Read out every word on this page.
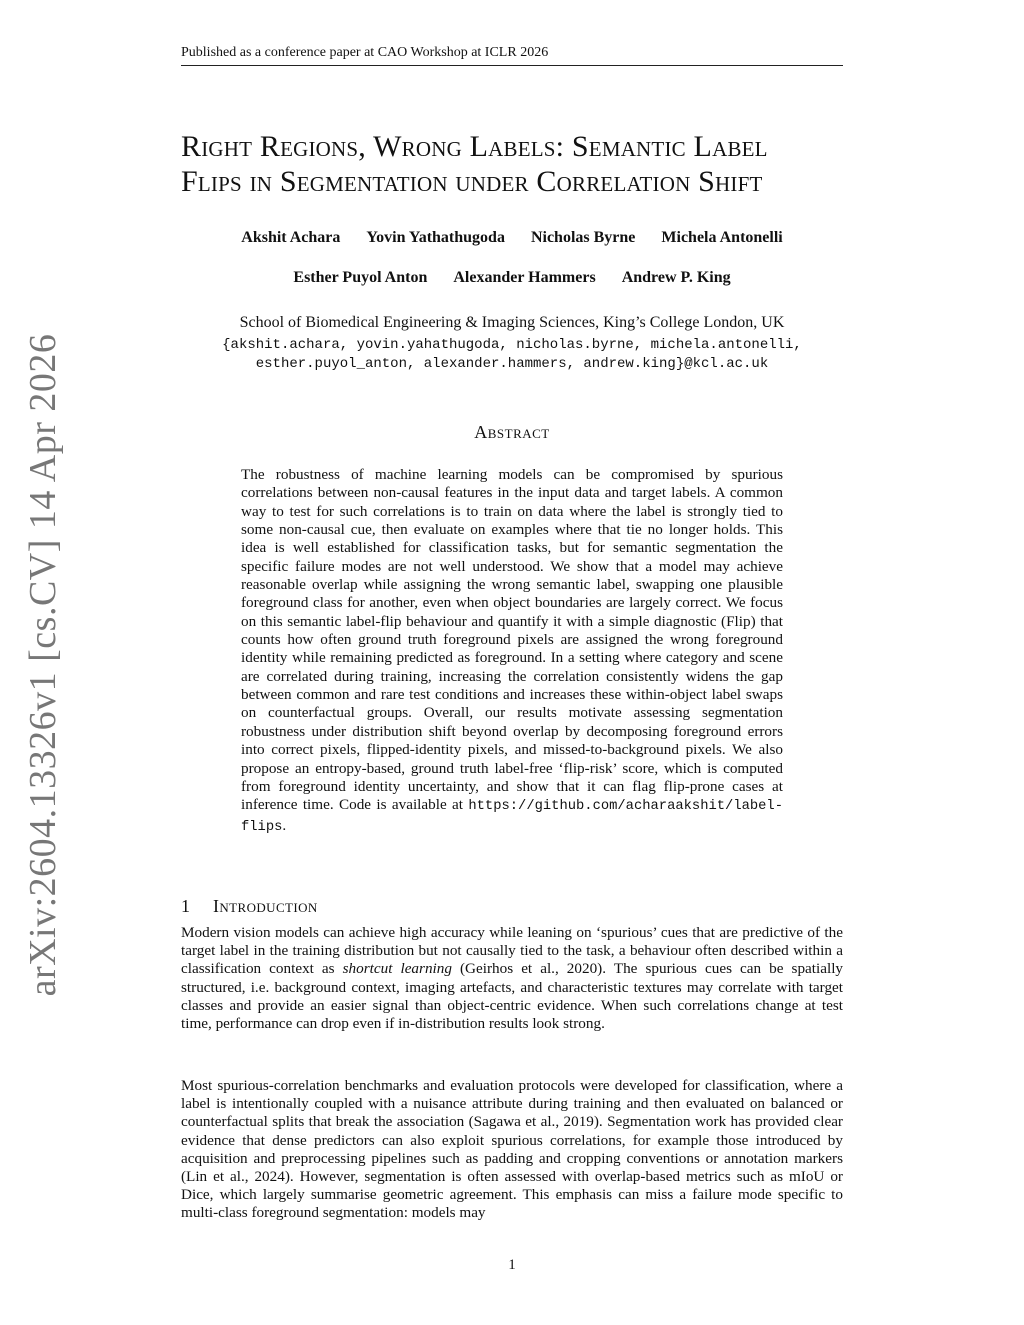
Published as a conference paper at CAO Workshop at ICLR 2026
arXiv:2604.13326v1 [cs.CV] 14 Apr 2026
Right Regions, Wrong Labels: Semantic Label
Flips in Segmentation under Correlation Shift
Akshit Achara Yovin Yathathugoda Nicholas Byrne Michela Antonelli
Esther Puyol Anton Alexander Hammers Andrew P. King
School of Biomedical Engineering & Imaging Sciences, King’s College London, UK
{akshit.achara, yovin.yahathugoda, nicholas.byrne, michela.antonelli,
esther.puyol_anton, alexander.hammers, andrew.king}@kcl.ac.uk
Abstract
The robustness of machine learning models can be compromised by spurious correlations between non-causal features in the input data and target labels. A common way to test for such correlations is to train on data where the label is strongly tied to some non-causal cue, then evaluate on examples where that tie no longer holds. This idea is well established for classification tasks, but for semantic segmentation the specific failure modes are not well understood. We show that a model may achieve reasonable overlap while assigning the wrong semantic label, swapping one plausible foreground class for another, even when object boundaries are largely correct. We focus on this semantic label-flip behaviour and quantify it with a simple diagnostic (Flip) that counts how often ground truth foreground pixels are assigned the wrong foreground identity while remaining predicted as foreground. In a setting where category and scene are correlated during training, increasing the correlation consistently widens the gap between common and rare test conditions and increases these within-object label swaps on counterfactual groups. Overall, our results motivate assessing segmentation robustness under distribution shift beyond overlap by decomposing foreground errors into correct pixels, flipped-identity pixels, and missed-to-background pixels. We also propose an entropy-based, ground truth label-free ‘flip-risk’ score, which is computed from foreground identity uncertainty, and show that it can flag flip-prone cases at inference time. Code is available at https://github.com/acharaakshit/label-flips.
1 Introduction

Modern vision models can achieve high accuracy while leaning on ‘spurious’ cues that are predictive of the target label in the training distribution but not causally tied to the task, a behaviour often described within a classification context as shortcut learning (Geirhos et al., 2020). The spurious cues can be spatially structured, i.e. background context, imaging artefacts, and characteristic textures may correlate with target classes and provide an easier signal than object-centric evidence. When such correlations change at test time, performance can drop even if in-distribution results look strong.

Most spurious-correlation benchmarks and evaluation protocols were developed for classification, where a label is intentionally coupled with a nuisance attribute during training and then evaluated on balanced or counterfactual splits that break the association (Sagawa et al., 2019). Segmentation work has provided clear evidence that dense predictors can also exploit spurious correlations, for example those introduced by acquisition and preprocessing pipelines such as padding and cropping conventions or annotation markers (Lin et al., 2024). However, segmentation is often assessed with overlap-based metrics such as mIoU or Dice, which largely summarise geometric agreement. This emphasis can miss a failure mode specific to multi-class foreground segmentation: models may

1
